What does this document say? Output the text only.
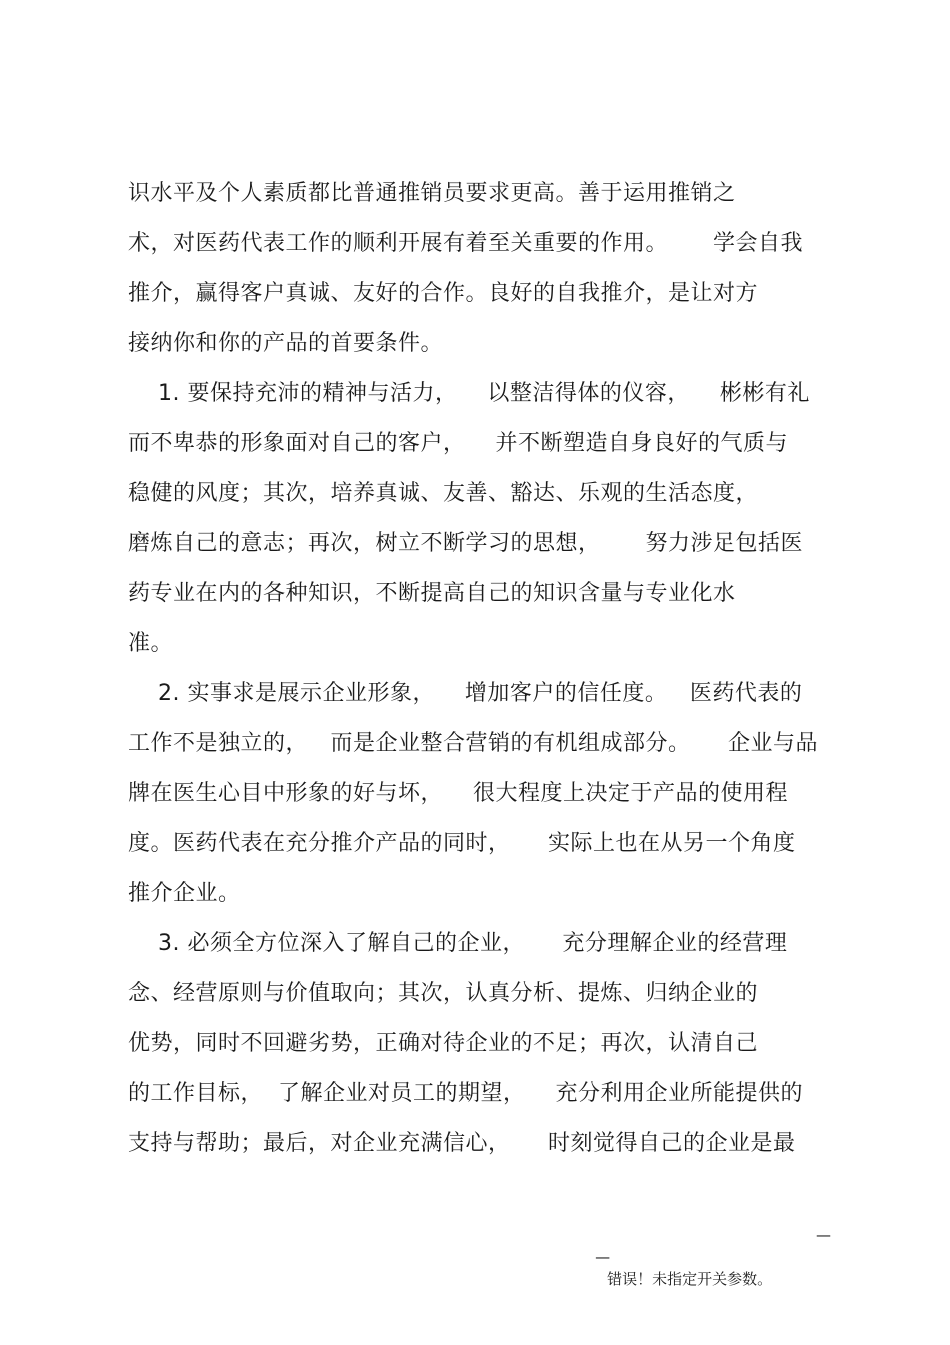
识水平及个人素质都比普通推销员要求更高。善于运用推销之
术，对医药代表工作的顺利开展有着至关重要的作用。      学会自我
推介，赢得客户真诚、友好的合作。良好的自我推介，是让对方
接纳你和你的产品的首要条件。
1. 要保持充沛的精神与活力，    以整洁得体的仪容，    彬彬有礼
而不卑恭的形象面对自己的客户，    并不断塑造自身良好的气质与
稳健的风度；其次，培养真诚、友善、豁达、乐观的生活态度，
磨炼自己的意志；再次，树立不断学习的思想，      努力涉足包括医
药专业在内的各种知识，不断提高自己的知识含量与专业化水
准。
2. 实事求是展示企业形象，    增加客户的信任度。   医药代表的
工作不是独立的，   而是企业整合营销的有机组成部分。     企业与品
牌在医生心目中形象的好与坏，    很大程度上决定于产品的使用程
度。医药代表在充分推介产品的同时，     实际上也在从另一个角度
推介企业。
3. 必须全方位深入了解自己的企业，     充分理解企业的经营理
念、经营原则与价值取向；其次，认真分析、提炼、归纳企业的
优势，同时不回避劣势，正确对待企业的不足；再次，认清自己
的工作目标，  了解企业对员工的期望，    充分利用企业所能提供的
支持与帮助；最后，对企业充满信心，     时刻觉得自己的企业是最

—
错误！未指定开关参数。

—
